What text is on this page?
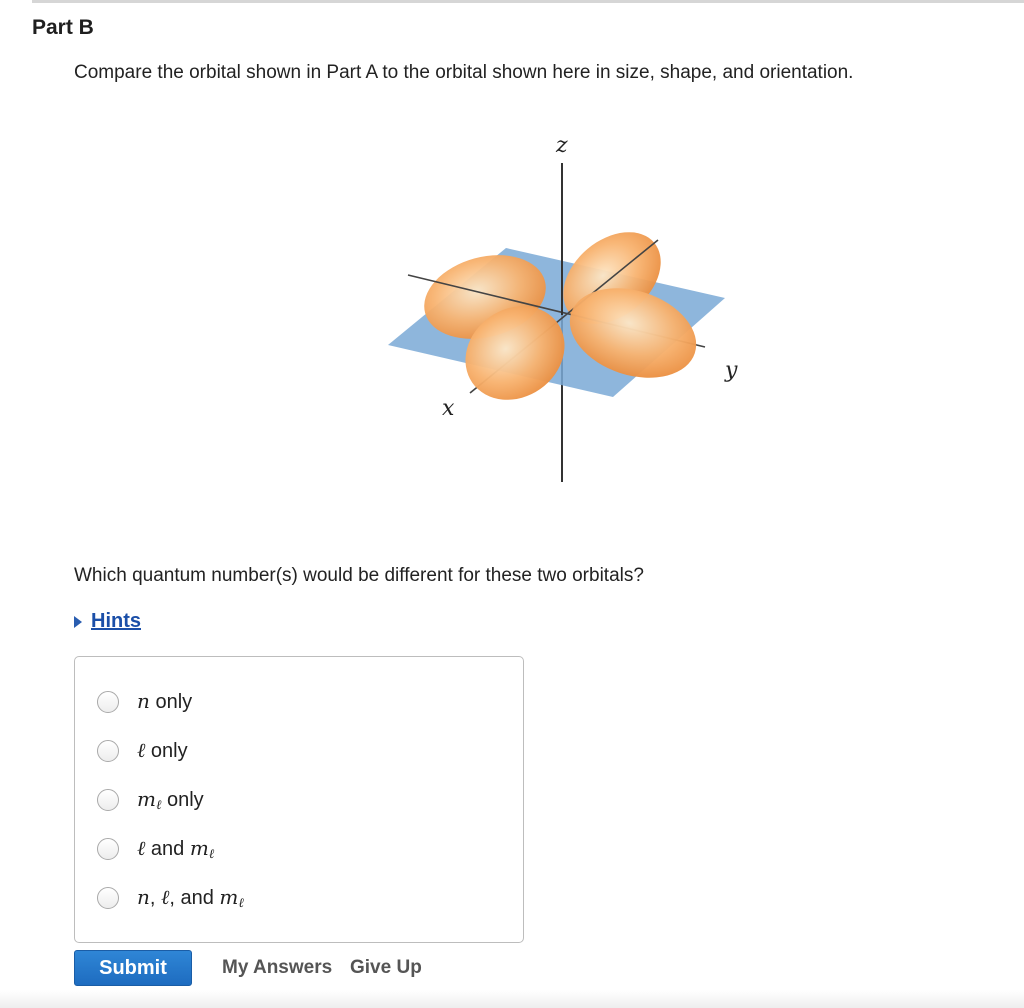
Part B
Compare the orbital shown in Part A to the orbital shown here in size, shape, and orientation.
z
x
y
Which quantum number(s) would be different for these two orbitals?
Hints
n only
ℓ only
$m_\ell$ only
ℓ and $m_\ell$
n, ℓ, and $m_\ell$
Submit	My Answers Give Up
